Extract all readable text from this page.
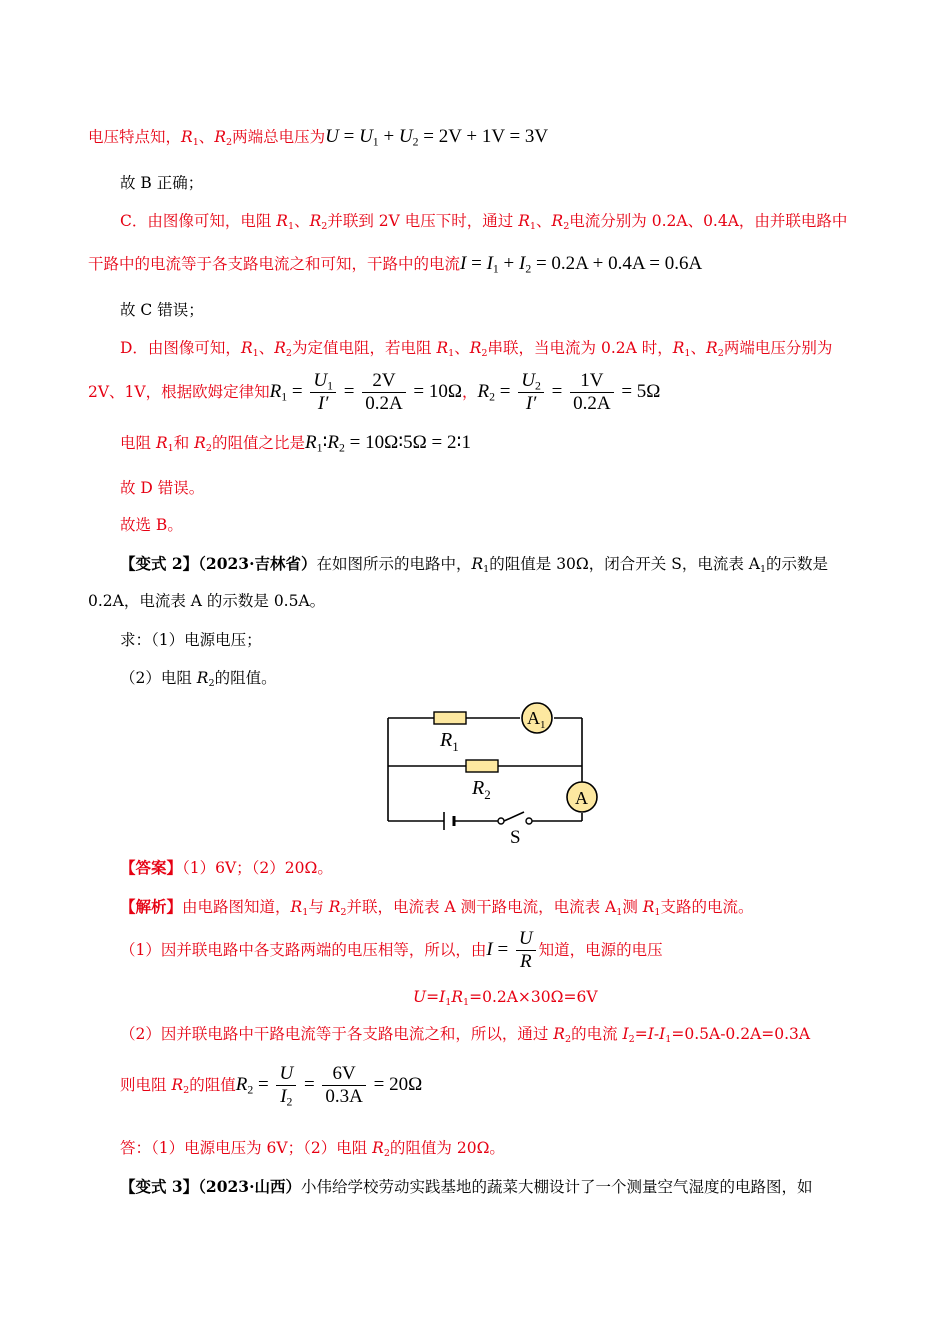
电压特点知，$R_1$、$R_2$两端总电压为$U = U_1 + U_2 = 2V + 1V = 3V$
故 B 正确；
C．由图像可知，电阻 $R_1$、$R_2$并联到 2V 电压下时，通过 $R_1$、$R_2$电流分别为 0.2A、0.4A，由并联电路中
干路中的电流等于各支路电流之和可知，干路中的电流$I = I_1 + I_2 = 0.2A + 0.4A = 0.6A$
故 C 错误；
D．由图像可知，$R_1$、$R_2$为定值电阻，若电阻 $R_1$、$R_2$串联，当电流为 0.2A 时，$R_1$、$R_2$两端电压分别为
2V、1V，根据欧姆定律知$R_1 = \frac{U_1}{I'} = \frac{2V}{0.2A} = 10\Omega$，$R_2 = \frac{U_2}{I'} = \frac{1V}{0.2A} = 5\Omega$
电阻 $R_1$和 $R_2$的阻值之比是$R_1∶R_2$ = 10Ω∶5Ω = 2∶1
故 D 错误。
故选 B。
【变式 2】（2023·吉林省）在如图所示的电路中，$R_1$的阻值是 30Ω，闭合开关 S，电流表 $A_1$的示数是
0.2A，电流表 A 的示数是 0.5A。
求：（1）电源电压；
（2）电阻 $R_2$的阻值。
$R_1$
$R_2$
$A_1$
A
S
【答案】（1）6V；（2）20Ω。
【解析】由电路图知道，$R_1$与 $R_2$并联，电流表 A 测干路电流，电流表 $A_1$测 $R_1$支路的电流。
（1）因并联电路中各支路两端的电压相等，所以，由$I = \frac{U}{R}$ 知道，电源的电压
$U=I_1R_1=0.2A\times 30\Omega=6V$
（2）因并联电路中干路电流等于各支路电流之和，所以，通过 $R_2$的电流 $I_2=I-I_1=0.5A-0.2A=0.3A$
则电阻 $R_2$的阻值$R_2 = \frac{U}{I_2} = \frac{6V}{0.3A} = 20\Omega$
答：（1）电源电压为 6V；（2）电阻 $R_2$的阻值为 20Ω。
【变式 3】（2023·山西）小伟给学校劳动实践基地的蔬菜大棚设计了一个测量空气湿度的电路图，如
